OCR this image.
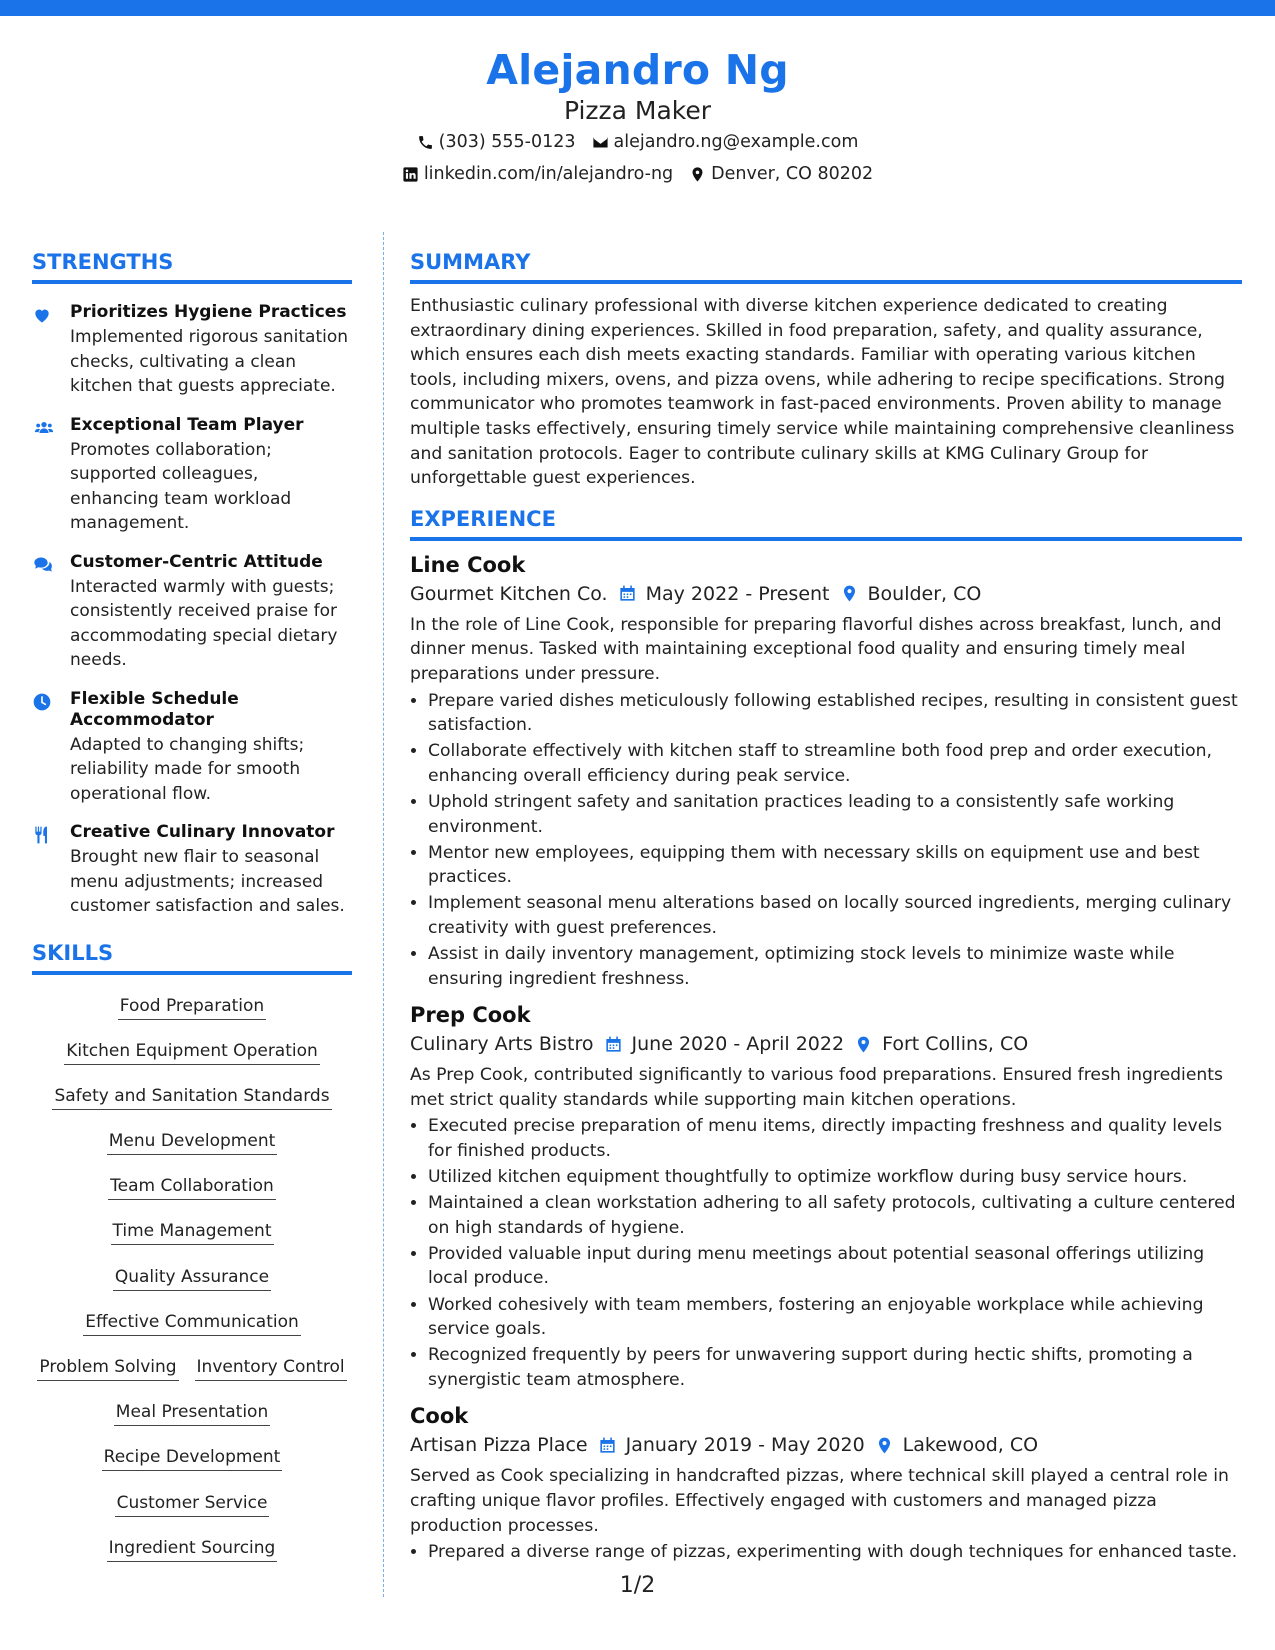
Alejandro Ng
Pizza Maker
(303) 555-0123 alejandro.ng@example.com
linkedin.com/in/alejandro-ng Denver, CO 80202
STRENGTHS
Prioritizes Hygiene Practices
Implemented rigorous sanitation checks, cultivating a clean kitchen that guests appreciate.
Exceptional Team Player
Promotes collaboration; supported colleagues, enhancing team workload management.
Customer-Centric Attitude
Interacted warmly with guests; consistently received praise for accommodating special dietary needs.
Flexible Schedule Accommodator
Adapted to changing shifts; reliability made for smooth operational flow.
Creative Culinary Innovator
Brought new flair to seasonal menu adjustments; increased customer satisfaction and sales.
SKILLS
Food Preparation
Kitchen Equipment Operation
Safety and Sanitation Standards
Menu Development
Team Collaboration
Time Management
Quality Assurance
Effective Communication
Problem Solving Inventory Control
Meal Presentation
Recipe Development
Customer Service
Ingredient Sourcing
SUMMARY

Enthusiastic culinary professional with diverse kitchen experience dedicated to creating extraordinary dining experiences. Skilled in food preparation, safety, and quality assurance, which ensures each dish meets exacting standards. Familiar with operating various kitchen tools, including mixers, ovens, and pizza ovens, while adhering to recipe specifications. Strong communicator who promotes teamwork in fast-paced environments. Proven ability to manage multiple tasks effectively, ensuring timely service while maintaining comprehensive cleanliness and sanitation protocols. Eager to contribute culinary skills at KMG Culinary Group for unforgettable guest experiences.

EXPERIENCE
Line Cook
Gourmet Kitchen Co. May 2022 - Present Boulder, CO

In the role of Line Cook, responsible for preparing flavorful dishes across breakfast, lunch, and dinner menus. Tasked with maintaining exceptional food quality and ensuring timely meal preparations under pressure.

• Prepare varied dishes meticulously following established recipes, resulting in consistent guest satisfaction.
• Collaborate effectively with kitchen staff to streamline both food prep and order execution, enhancing overall efficiency during peak service.
• Uphold stringent safety and sanitation practices leading to a consistently safe working environment.
• Mentor new employees, equipping them with necessary skills on equipment use and best practices.
• Implement seasonal menu alterations based on locally sourced ingredients, merging culinary creativity with guest preferences.
• Assist in daily inventory management, optimizing stock levels to minimize waste while ensuring ingredient freshness.
Prep Cook
Culinary Arts Bistro June 2020 - April 2022 Fort Collins, CO

As Prep Cook, contributed significantly to various food preparations. Ensured fresh ingredients met strict quality standards while supporting main kitchen operations.

• Executed precise preparation of menu items, directly impacting freshness and quality levels for finished products.
• Utilized kitchen equipment thoughtfully to optimize workflow during busy service hours.
• Maintained a clean workstation adhering to all safety protocols, cultivating a culture centered on high standards of hygiene.
• Provided valuable input during menu meetings about potential seasonal offerings utilizing local produce.
• Worked cohesively with team members, fostering an enjoyable workplace while achieving service goals.
• Recognized frequently by peers for unwavering support during hectic shifts, promoting a synergistic team atmosphere.
Cook
Artisan Pizza Place January 2019 - May 2020 Lakewood, CO

Served as Cook specializing in handcrafted pizzas, where technical skill played a central role in crafting unique flavor profiles. Effectively engaged with customers and managed pizza production processes.

• Prepared a diverse range of pizzas, experimenting with dough techniques for enhanced taste.
1/2
